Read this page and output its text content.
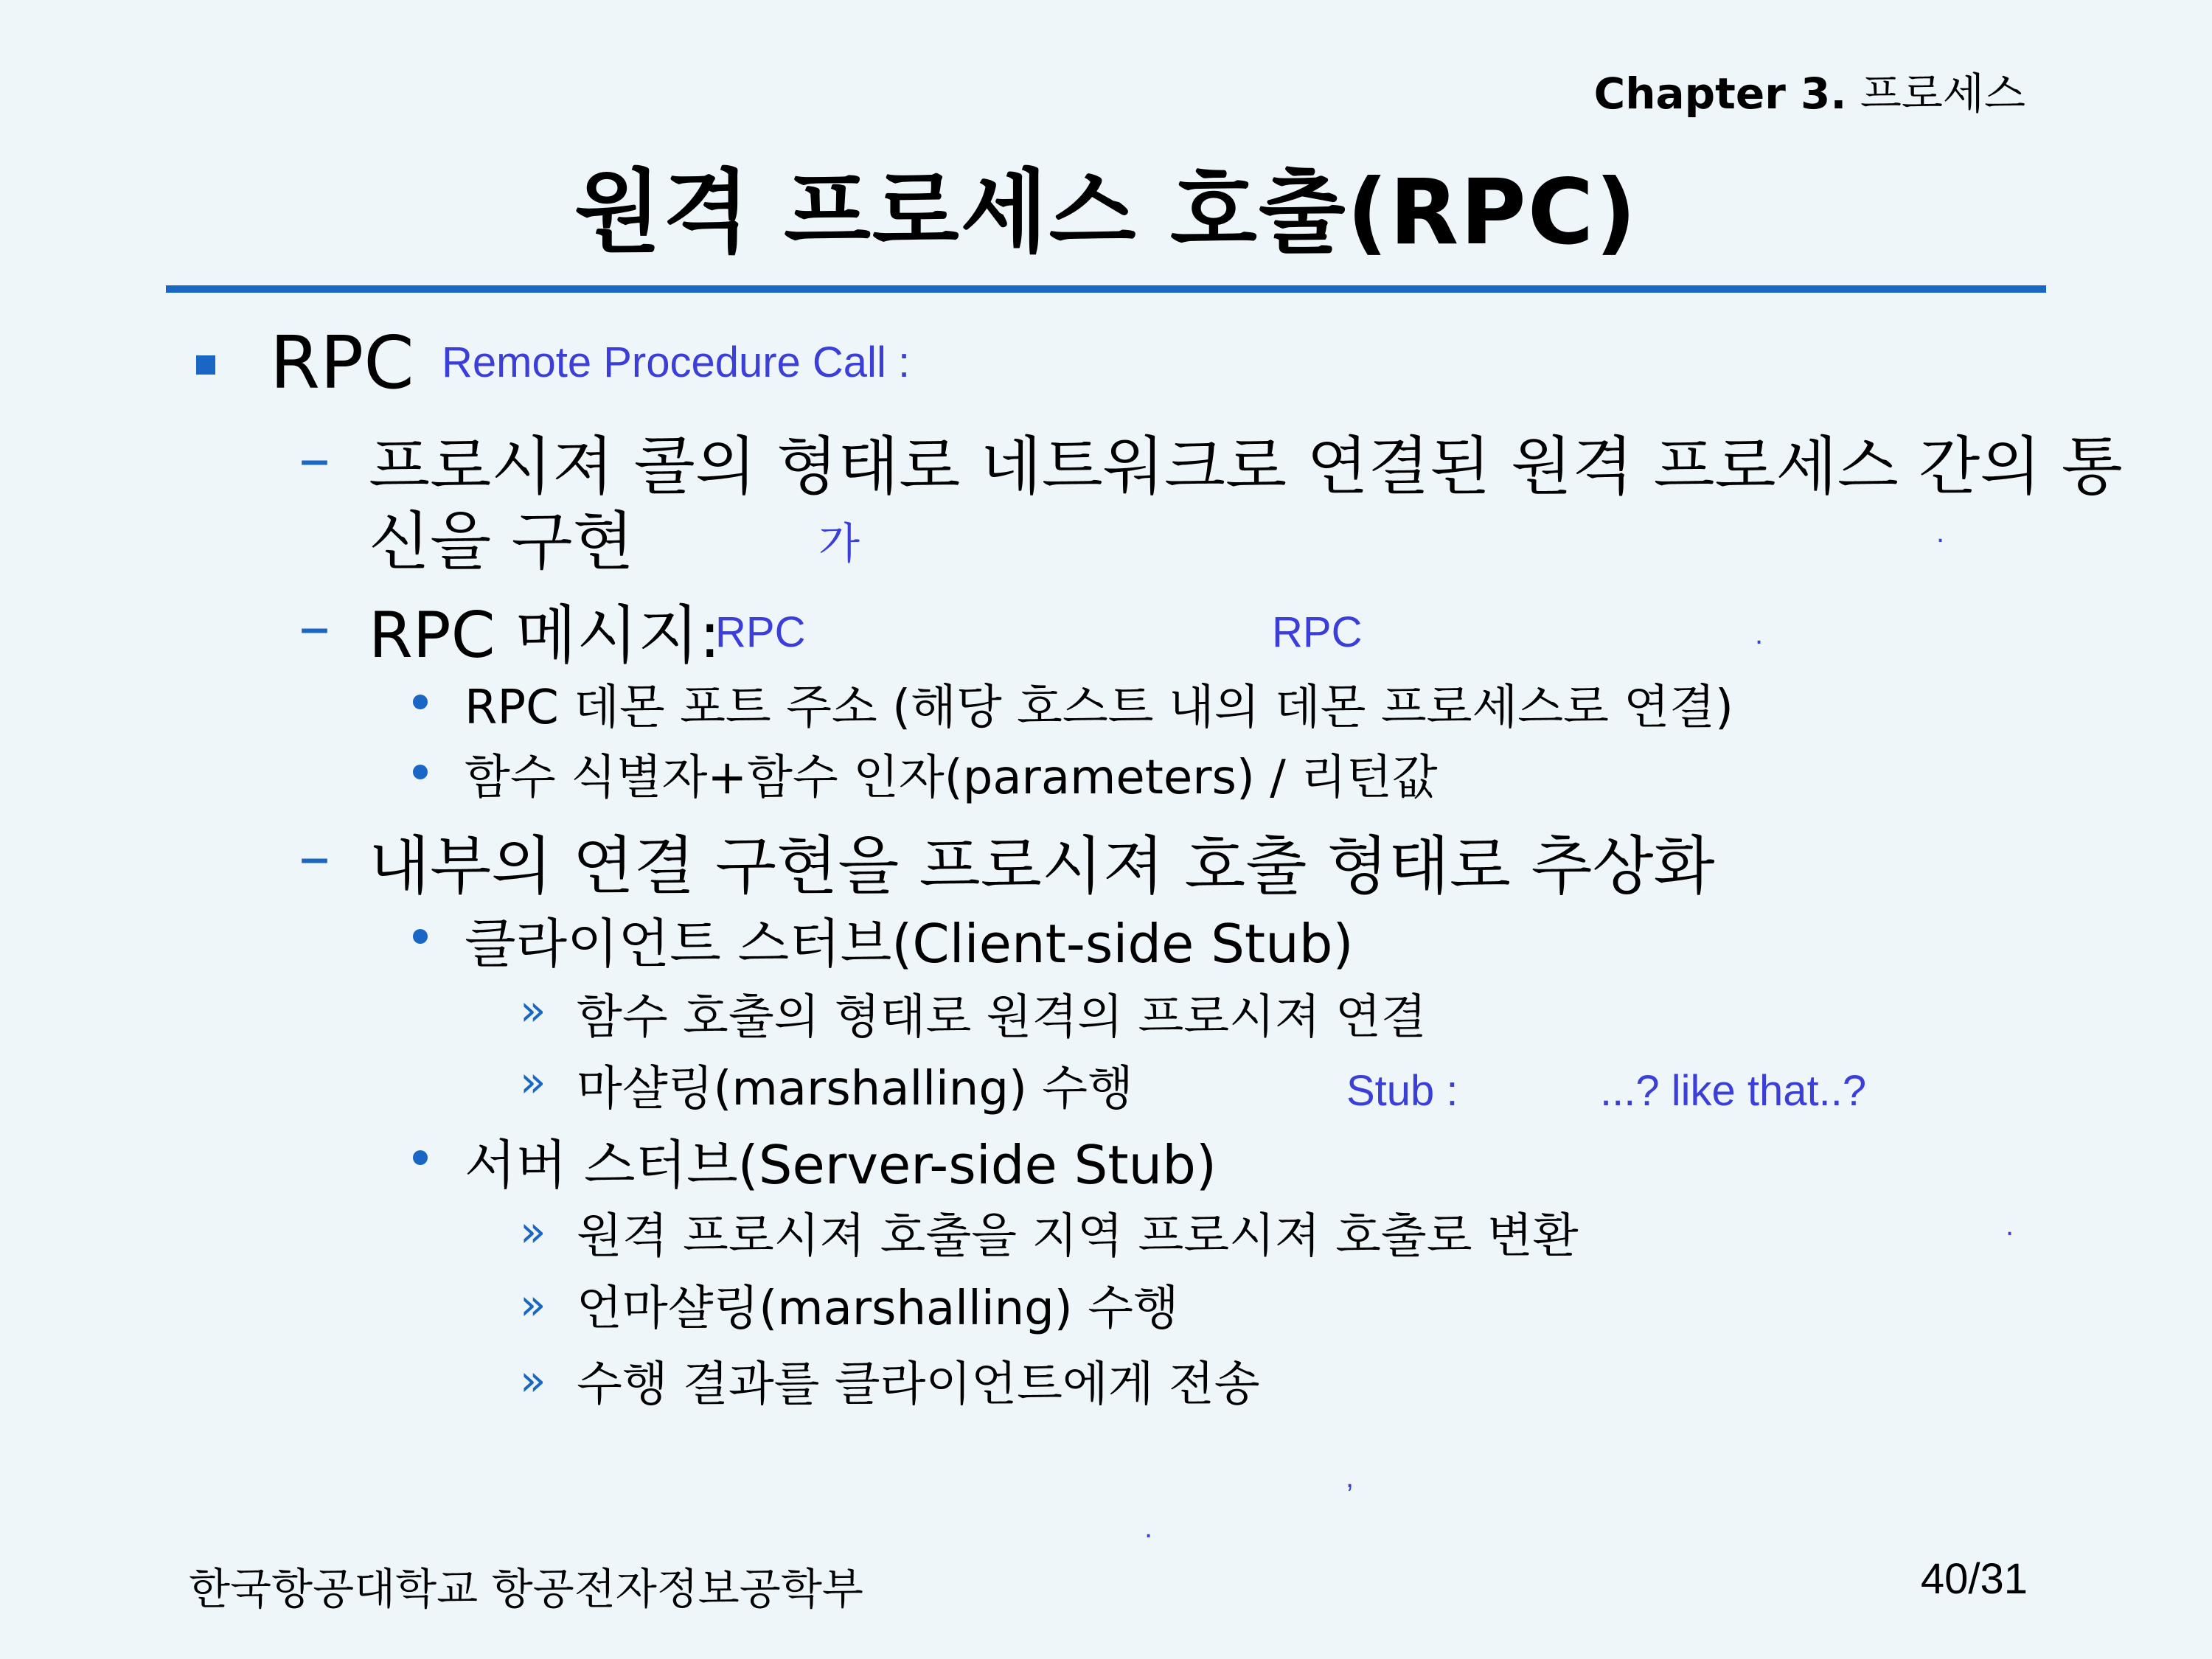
Chapter 3. 프로세스
원격 프로세스 호출(RPC)
RPC Remote Procedure Call :
– 프로시져 콜의 형태로 네트워크로 연결된 원격 프로세스 간의 통
신을 구현	가	.
– RPC 메시지:
RPC	RPC	.
RPC 데몬 포트 주소 (해당 호스트 내의 데몬 프로세스로 연결)
함수 식별자+함수 인자(parameters) / 리턴값
– 내부의 연결 구현을 프로시져 호출 형태로 추상화
클라이언트 스터브(Client-side Stub)
» 함수 호출의 형태로 원격의 프로시져 연결
» 마샬링(marshalling) 수행	Stub :	...? like that..?
서버 스터브(Server-side Stub)
» 원격 프로시져 호출을 지역 프로시져 호출로 변환	.
» 언마샬링(marshalling) 수행
» 수행 결과를 클라이언트에게 전송
,
.
한국항공대학교 항공전자정보공학부	40/31
